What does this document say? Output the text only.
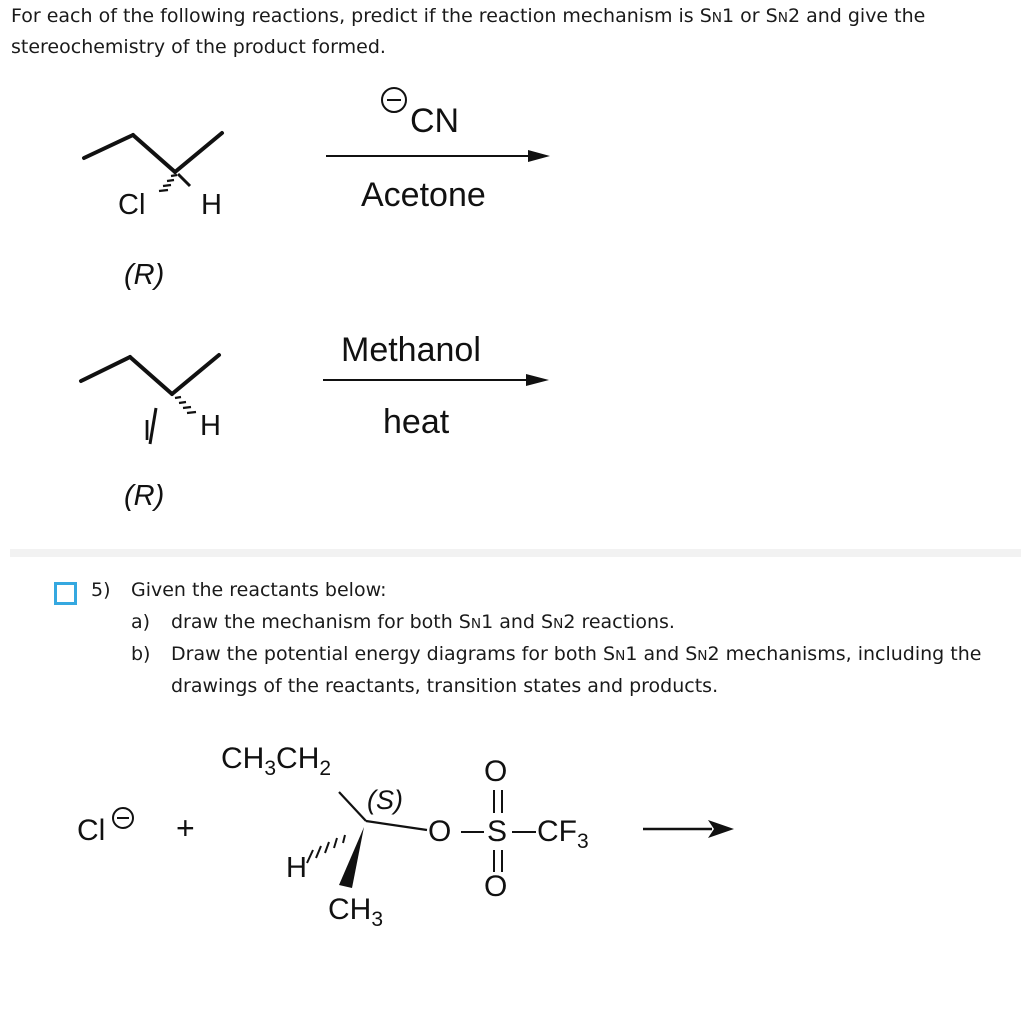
For each of the following reactions, predict if the reaction mechanism is SN1 or SN2 and give the
stereochemistry of the product formed.
Cl H
(R)
CN
Acetone
I H
(R)
Methanol
heat
5) Given the reactants below:
a) draw the mechanism for both SN1 and SN2 reactions.
b) Draw the potential energy diagrams for both SN1 and SN2 mechanisms, including the
drawings of the reactants, transition states and products.
Cl +
$CH_3CH_2$
(S)
H
$CH_3$
O S $CF_3$
O
O
